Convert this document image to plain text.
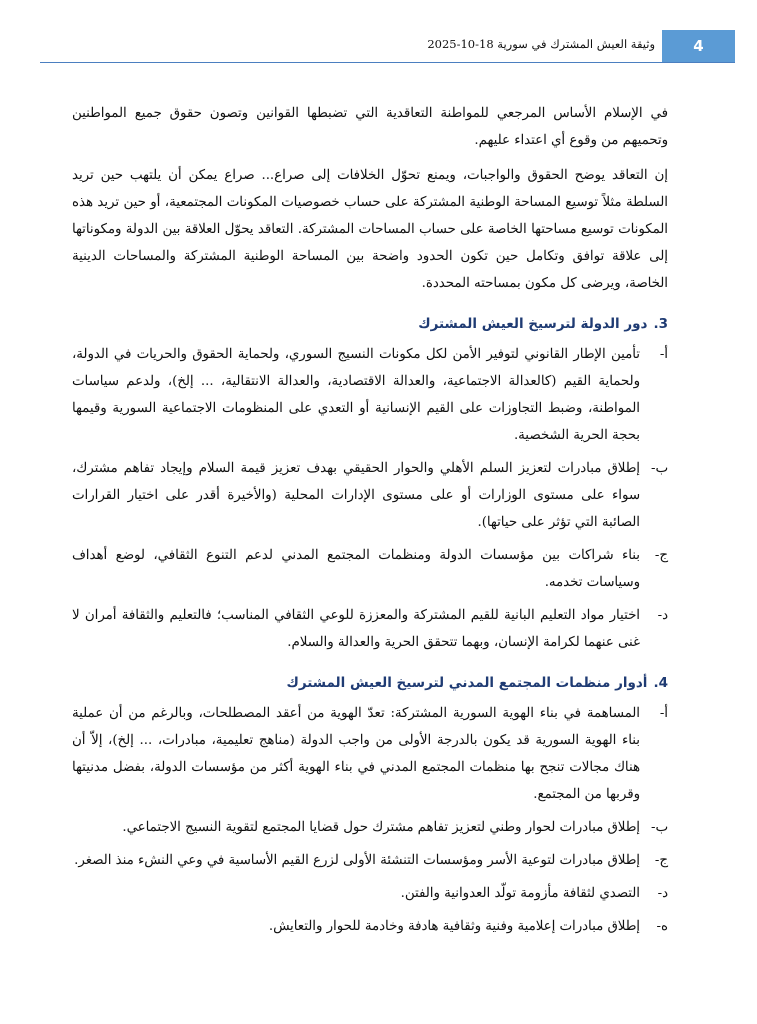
4
وثيقة العيش المشترك في سورية 18-10-2025

في الإسلام الأساس المرجعي للمواطنة التعاقدية التي تضبطها القوانين وتصون حقوق جميع المواطنين وتحميهم من وقوع أي اعتداء عليهم.

إن التعاقد يوضح الحقوق والواجبات، ويمنع تحوّل الخلافات إلى صراع... صراع يمكن أن يلتهب حين تريد السلطة مثلاً توسيع المساحة الوطنية المشتركة على حساب خصوصيات المكونات المجتمعية، أو حين تريد هذه المكونات توسيع مساحتها الخاصة على حساب المساحات المشتركة. التعاقد يحوّل العلاقة بين الدولة ومكوناتها إلى علاقة توافق وتكامل حين تكون الحدود واضحة بين المساحة الوطنية المشتركة والمساحات الدينية الخاصة، ويرضى كل مكون بمساحته المحددة.

3.دور الدولة لترسيخ العيش المشترك
أ-
تأمين الإطار القانوني لتوفير الأمن لكل مكونات النسيج السوري، ولحماية الحقوق والحريات في الدولة، ولحماية القيم (كالعدالة الاجتماعية، والعدالة الاقتصادية، والعدالة الانتقالية، ... إلخ)، ولدعم سياسات المواطنة، وضبط التجاوزات على القيم الإنسانية أو التعدي على المنظومات الاجتماعية السورية وقيمها بحجة الحرية الشخصية.
ب-
إطلاق مبادرات لتعزيز السلم الأهلي والحوار الحقيقي بهدف تعزيز قيمة السلام وإيجاد تفاهم مشترك، سواء على مستوى الوزارات أو على مستوى الإدارات المحلية (والأخيرة أقدر على اختيار القرارات الصائبة التي تؤثر على حياتها).
ج-
بناء شراكات بين مؤسسات الدولة ومنظمات المجتمع المدني لدعم التنوع الثقافي، لوضع أهداف وسياسات تخدمه.
د-
اختيار مواد التعليم البانية للقيم المشتركة والمعززة للوعي الثقافي المناسب؛ فالتعليم والثقافة أمران لا غنى عنهما لكرامة الإنسان، وبهما تتحقق الحرية والعدالة والسلام.
4.أدوار منظمات المجتمع المدني لترسيخ العيش المشترك
أ-
المساهمة في بناء الهوية السورية المشتركة: تعدّ الهوية من أعقد المصطلحات، وبالرغم من أن عملية بناء الهوية السورية قد يكون بالدرجة الأولى من واجب الدولة (مناهج تعليمية، مبادرات، ... إلخ)، إلاّ أن هناك مجالات تنجح بها منظمات المجتمع المدني في بناء الهوية أكثر من مؤسسات الدولة، بفضل مدنيتها وقربها من المجتمع.
ب-
إطلاق مبادرات لحوار وطني لتعزيز تفاهم مشترك حول قضايا المجتمع لتقوية النسيج الاجتماعي.
ج-
إطلاق مبادرات لتوعية الأسر ومؤسسات التنشئة الأولى لزرع القيم الأساسية في وعي النشء منذ الصغر.
د-
التصدي لثقافة مأزومة تولّد العدوانية والفتن.
ه-
إطلاق مبادرات إعلامية وفنية وثقافية هادفة وخادمة للحوار والتعايش.
